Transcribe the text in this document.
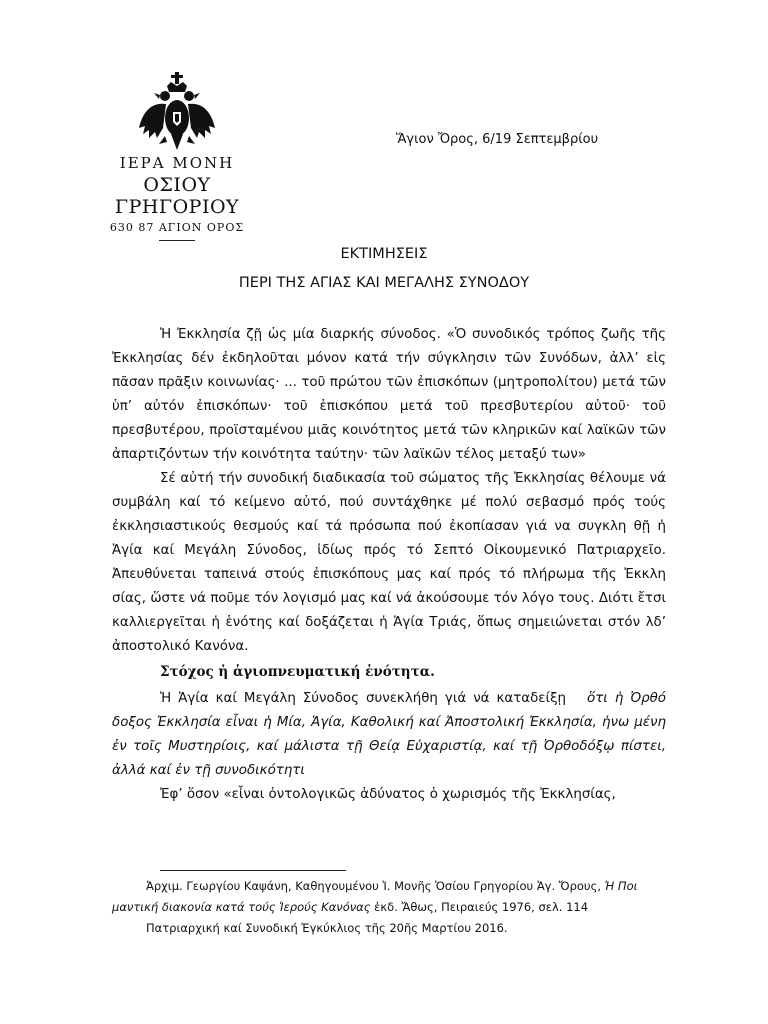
ΙΕΡΑ ΜΟΝΗ
ΟΣΙΟΥ ΓΡΗΓΟΡΙΟΥ
630 87 ΑΓΙΟΝ ΟΡΟΣ
Ἅγιον Ὄρος, 6/19 Σεπτεμβρίου
ΕΚΤΙΜΗΣΕΙΣ
ΠΕΡΙ ΤΗΣ ΑΓΙΑΣ ΚΑΙ ΜΕΓΑΛΗΣ ΣΥΝΟΔΟΥ

Ἡ Ἐκκλησία ζῇ ὡς μία διαρκής σύνοδος. «Ὁ συνοδικός τρόπος ζωῆς τῆς Ἐκκλησίας δέν ἐκδηλοῦται μόνον κατά τήν σύγκλησιν τῶν Συνόδων, ἀλλ’ εἰς πᾶσαν πρᾶξιν κοινωνίας· ... τοῦ πρώτου τῶν ἐπισκόπων (μητροπολίτου) μετά τῶν ὑπ’ αὐτόν ἐπισκόπων· τοῦ ἐπισκόπου μετά τοῦ πρεσβυτερίου αὐτοῦ· τοῦ πρεσβυτέρου, προϊσταμένου μιᾶς κοινότητος μετά τῶν κληρικῶν καί λαϊκῶν τῶν ἀπαρτιζόντων τήν κοινότητα ταύτην· τῶν λαϊκῶν τέλος μεταξύ των»

Σέ αὐτή τήν συνοδική διαδικασία τοῦ σώματος τῆς Ἐκκλησίας θέλουμε νά συμβάλη καί τό κείμενο αὐτό, πού συντάχθηκε μέ πολύ σεβασμό πρός τούς ἐκκλησιαστικούς θεσμούς καί τά πρόσωπα πού ἐκοπίασαν γιά να συγκλη θῇ ἡ Ἁγία καί Μεγάλη Σύνοδος, ἰδίως πρός τό Σεπτό Οἰκουμενικό Πατριαρχεῖο. Ἀπευθύνεται ταπεινά στούς ἐπισκόπους μας καί πρός τό πλήρωμα τῆς Ἐκκλη σίας, ὥστε νά ποῦμε τόν λογισμό μας καί νά ἀκούσουμε τόν λόγο τους. Διότι ἔτσι καλλιεργεῖται ἡ ἑνότης καί δοξάζεται ἡ Ἁγία Τριάς, ὅπως σημειώνεται στόν λδ’ ἀποστολικό Κανόνα.

Στόχος ἡ ἁγιοπνευματική ἑνότητα.

Ἡ Ἁγία καί Μεγάλη Σύνοδος συνεκλήθη γιά νά καταδείξῃ ὅτι ἡ Ὀρθό δοξος Ἐκκλησία εἶναι ἡ Μία, Ἁγία, Καθολική καί Ἀποστολική Ἐκκλησία, ἡνω μένη ἐν τοῖς Μυστηρίοις, καί μάλιστα τῇ Θείᾳ Εὐχαριστίᾳ, καί τῇ Ὀρθοδόξῳ πίστει, ἀλλά καί ἐν τῇ συνοδικότητι

Ἐφ’ ὅσον «εἶναι ὀντολογικῶς ἀδύνατος ὁ χωρισμός τῆς Ἐκκλησίας,

Ἀρχιμ. Γεωργίου Καψάνη, Καθηγουμένου Ἱ. Μονῆς Ὁσίου Γρηγορίου Ἁγ. Ὄρους, Ἡ Ποι μαντική διακονία κατά τούς Ἱερούς Κανόνας ἐκδ. Ἄθως, Πειραιεύς 1976, σελ. 114

Πατριαρχική καί Συνοδική Ἐγκύκλιος τῆς 20ῆς Μαρτίου 2016.
